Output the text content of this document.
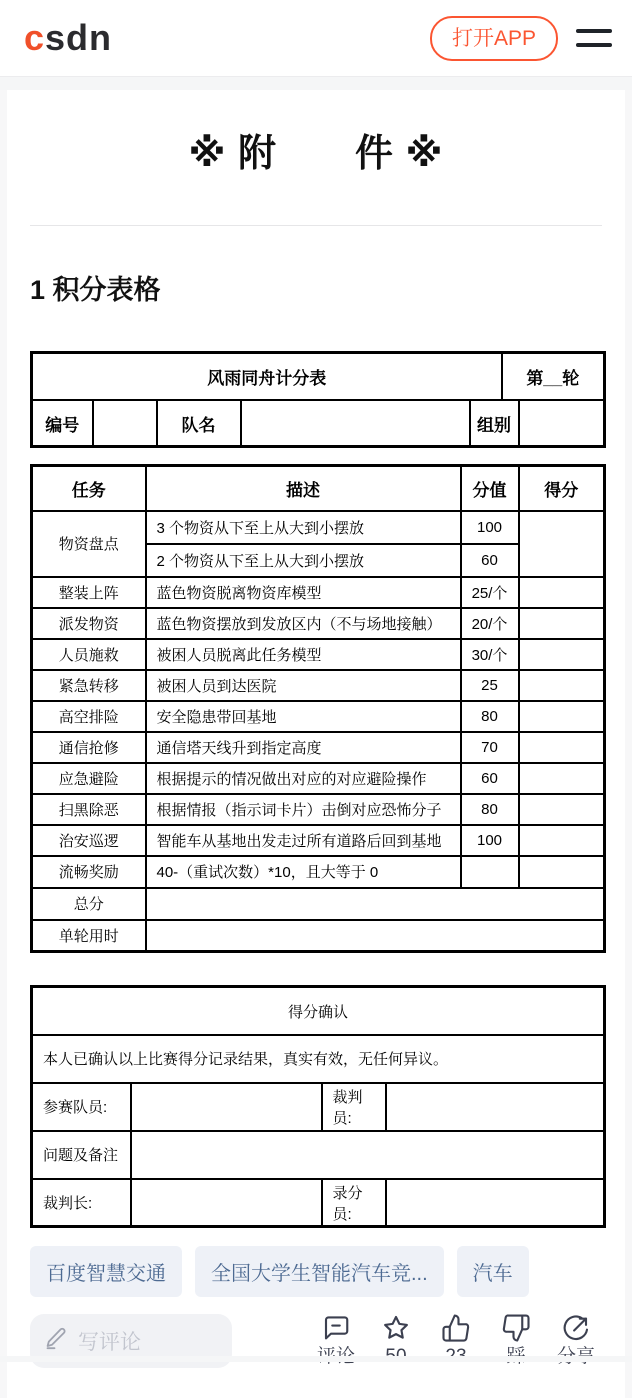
csdn	打开APP
※ 附　　件 ※
1 积分表格
风雨同舟计分表					第__轮	
编号		队名		组别		
任务	描述	分值	得分
物资盘点	3 个物资从下至上从大到小摆放	100	
	2 个物资从下至上从大到小摆放	60	
整装上阵	蓝色物资脱离物资库模型	25/个	
派发物资	蓝色物资摆放到发放区内（不与场地接触）	20/个	
人员施救	被困人员脱离此任务模型	30/个	
紧急转移	被困人员到达医院	25	
高空排险	安全隐患带回基地	80	
通信抢修	通信塔天线升到指定高度	70	
应急避险	根据提示的情况做出对应的对应避险操作	60	
扫黑除恶	根据情报（指示词卡片）击倒对应恐怖分子	80	
治安巡逻	智能车从基地出发走过所有道路后回到基地	100	
流畅奖励	40-（重试次数）*10，且大等于 0		
总分			
单轮用时			
得分确认			
本人已确认以上比赛得分记录结果，真实有效，无任何异议。			
参赛队员:		裁判员:	
问题及备注			
裁判长:		录分员:	
百度智慧交通	全国大学生智能汽车竞...	汽车
写评论
